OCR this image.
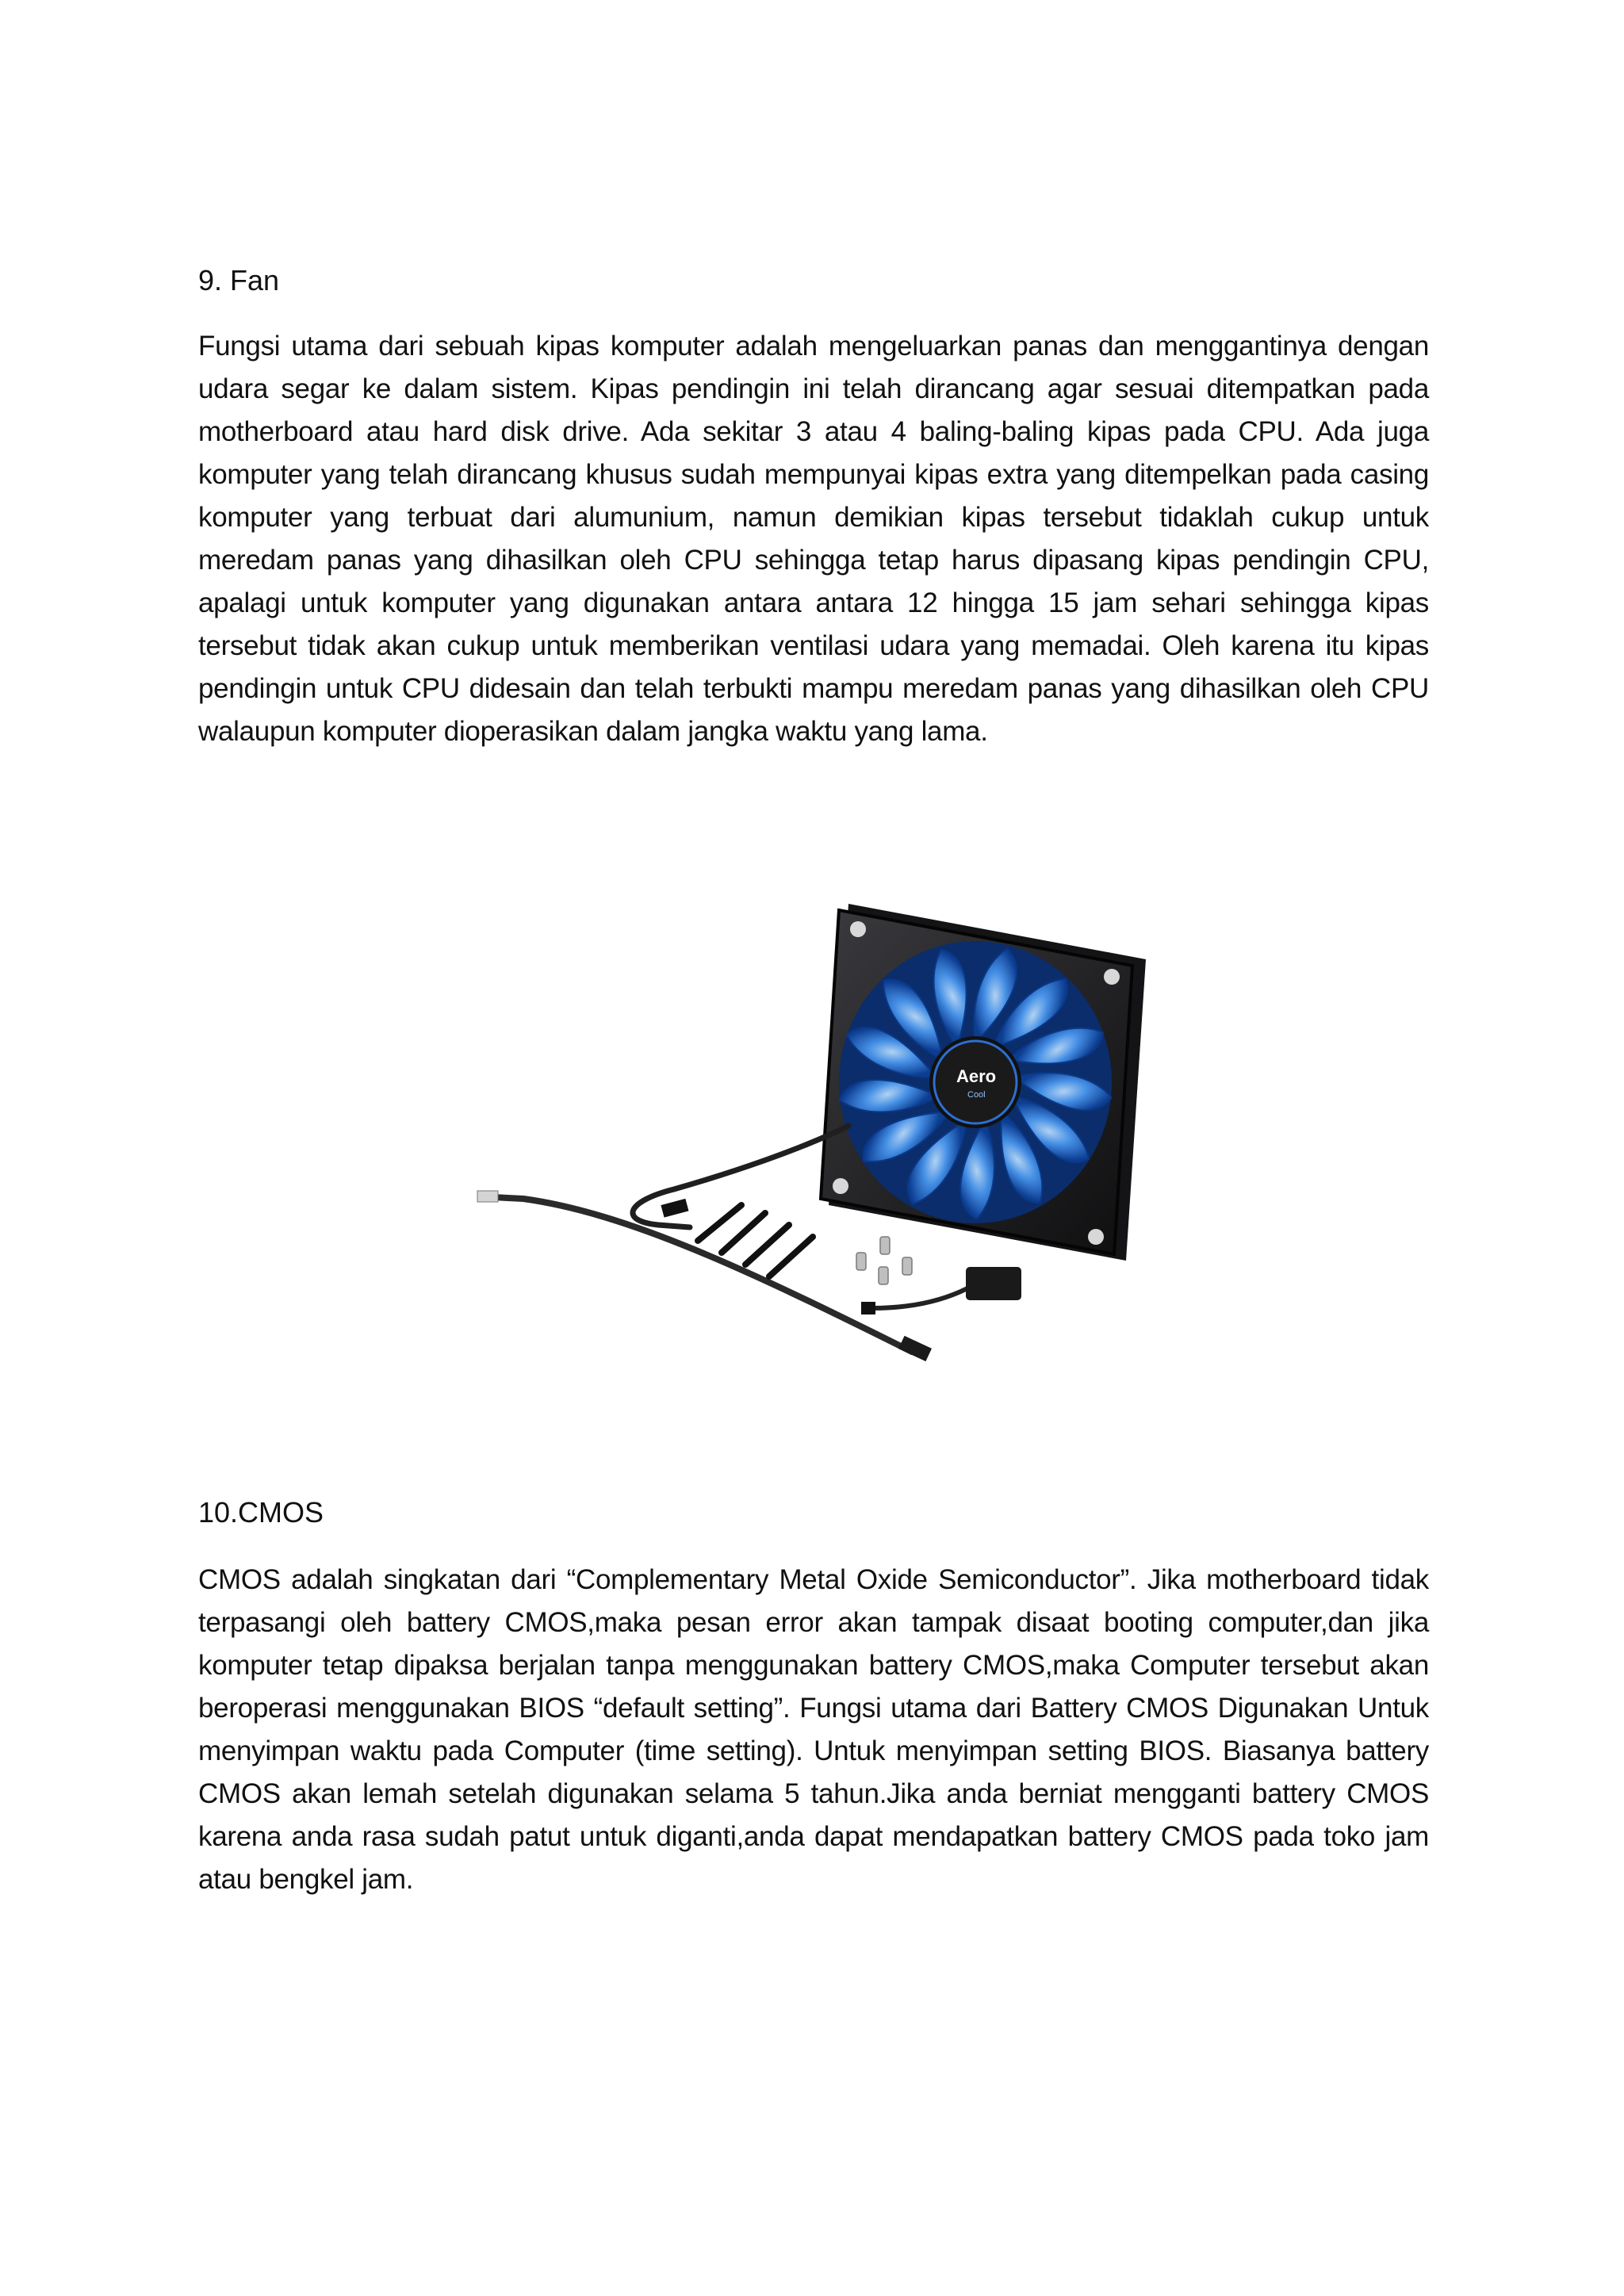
9. Fan

Fungsi utama dari sebuah kipas komputer adalah mengeluarkan panas dan menggantinya dengan udara segar ke dalam sistem. Kipas pendingin ini telah dirancang agar sesuai ditempatkan pada motherboard atau hard disk drive. Ada sekitar 3 atau 4 baling-baling kipas pada CPU. Ada juga komputer yang telah dirancang khusus sudah mempunyai kipas extra yang ditempelkan pada casing komputer yang terbuat dari alumunium, namun demikian kipas tersebut tidaklah cukup untuk meredam panas yang dihasilkan oleh CPU sehingga tetap harus dipasang kipas pendingin CPU, apalagi untuk komputer yang digunakan antara antara 12 hingga 15 jam sehari sehingga kipas tersebut tidak akan cukup untuk memberikan ventilasi udara yang memadai. Oleh karena itu kipas pendingin untuk CPU didesain dan telah terbukti mampu meredam panas yang dihasilkan oleh CPU walaupun komputer dioperasikan dalam jangka waktu yang lama.

Aero
Cool
10.CMOS

CMOS adalah singkatan dari “Complementary Metal Oxide Semiconductor”. Jika motherboard tidak terpasangi oleh battery CMOS,maka pesan error akan tampak disaat booting computer,dan jika komputer tetap dipaksa berjalan tanpa menggunakan battery CMOS,maka Computer tersebut akan beroperasi menggunakan BIOS “default setting”. Fungsi utama dari Battery CMOS Digunakan Untuk menyimpan waktu pada Computer (time setting). Untuk menyimpan setting BIOS. Biasanya battery CMOS akan lemah setelah digunakan selama 5 tahun.Jika anda berniat mengganti battery CMOS karena anda rasa sudah patut untuk diganti,anda dapat mendapatkan battery CMOS pada toko jam atau bengkel jam.
